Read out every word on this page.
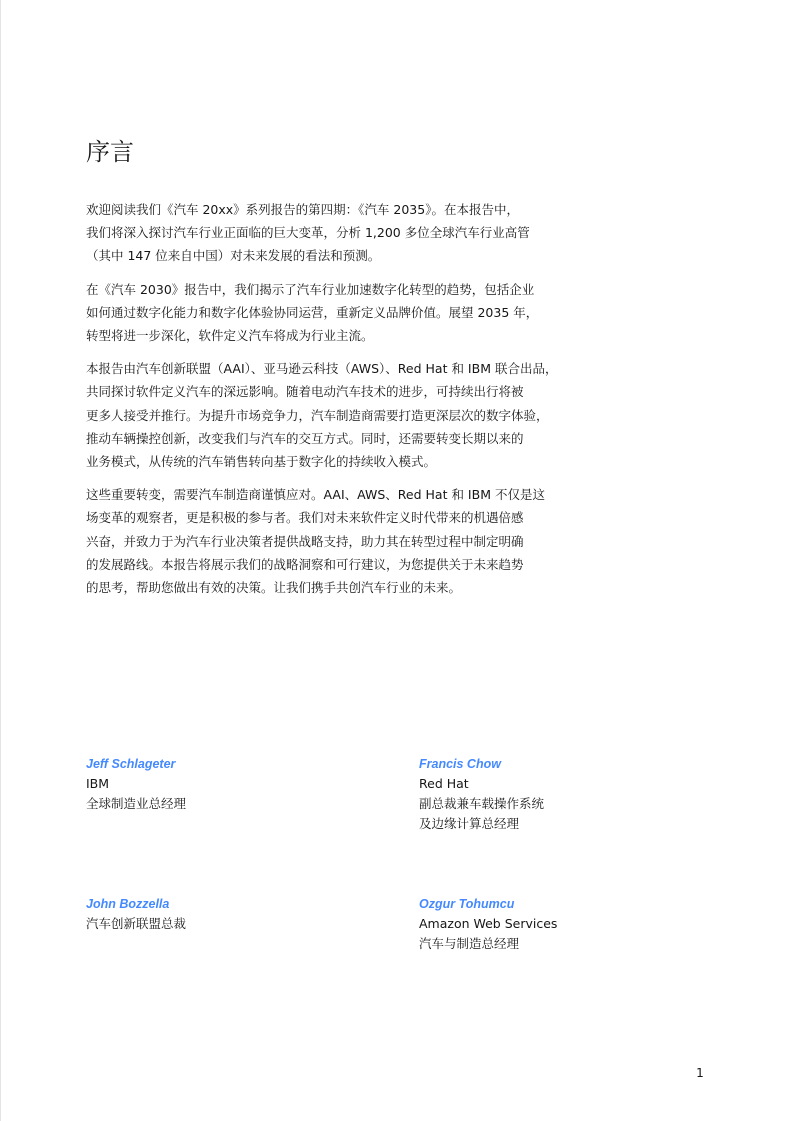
序言

欢迎阅读我们《汽车 20xx》系列报告的第四期：《汽车 2035》。在本报告中，
我们将深入探讨汽车行业正面临的巨大变革，分析 1,200 多位全球汽车行业高管
（其中 147 位来自中国）对未来发展的看法和预测。

在《汽车 2030》报告中，我们揭示了汽车行业加速数字化转型的趋势，包括企业
如何通过数字化能力和数字化体验协同运营，重新定义品牌价值。展望 2035 年，
转型将进一步深化，软件定义汽车将成为行业主流。

本报告由汽车创新联盟（AAI）、亚马逊云科技（AWS）、Red Hat 和 IBM 联合出品，
共同探讨软件定义汽车的深远影响。随着电动汽车技术的进步，可持续出行将被
更多人接受并推行。为提升市场竞争力，汽车制造商需要打造更深层次的数字体验，
推动车辆操控创新，改变我们与汽车的交互方式。同时，还需要转变长期以来的
业务模式，从传统的汽车销售转向基于数字化的持续收入模式。

这些重要转变，需要汽车制造商谨慎应对。AAI、AWS、Red Hat 和 IBM 不仅是这
场变革的观察者，更是积极的参与者。我们对未来软件定义时代带来的机遇倍感
兴奋，并致力于为汽车行业决策者提供战略支持，助力其在转型过程中制定明确
的发展路线。本报告将展示我们的战略洞察和可行建议，为您提供关于未来趋势
的思考，帮助您做出有效的决策。让我们携手共创汽车行业的未来。

Jeff Schlageter
IBM
全球制造业总经理
Francis Chow
Red Hat
副总裁兼车载操作系统
及边缘计算总经理
John Bozzella
汽车创新联盟总裁
Ozgur Tohumcu
Amazon Web Services
汽车与制造总经理
1
